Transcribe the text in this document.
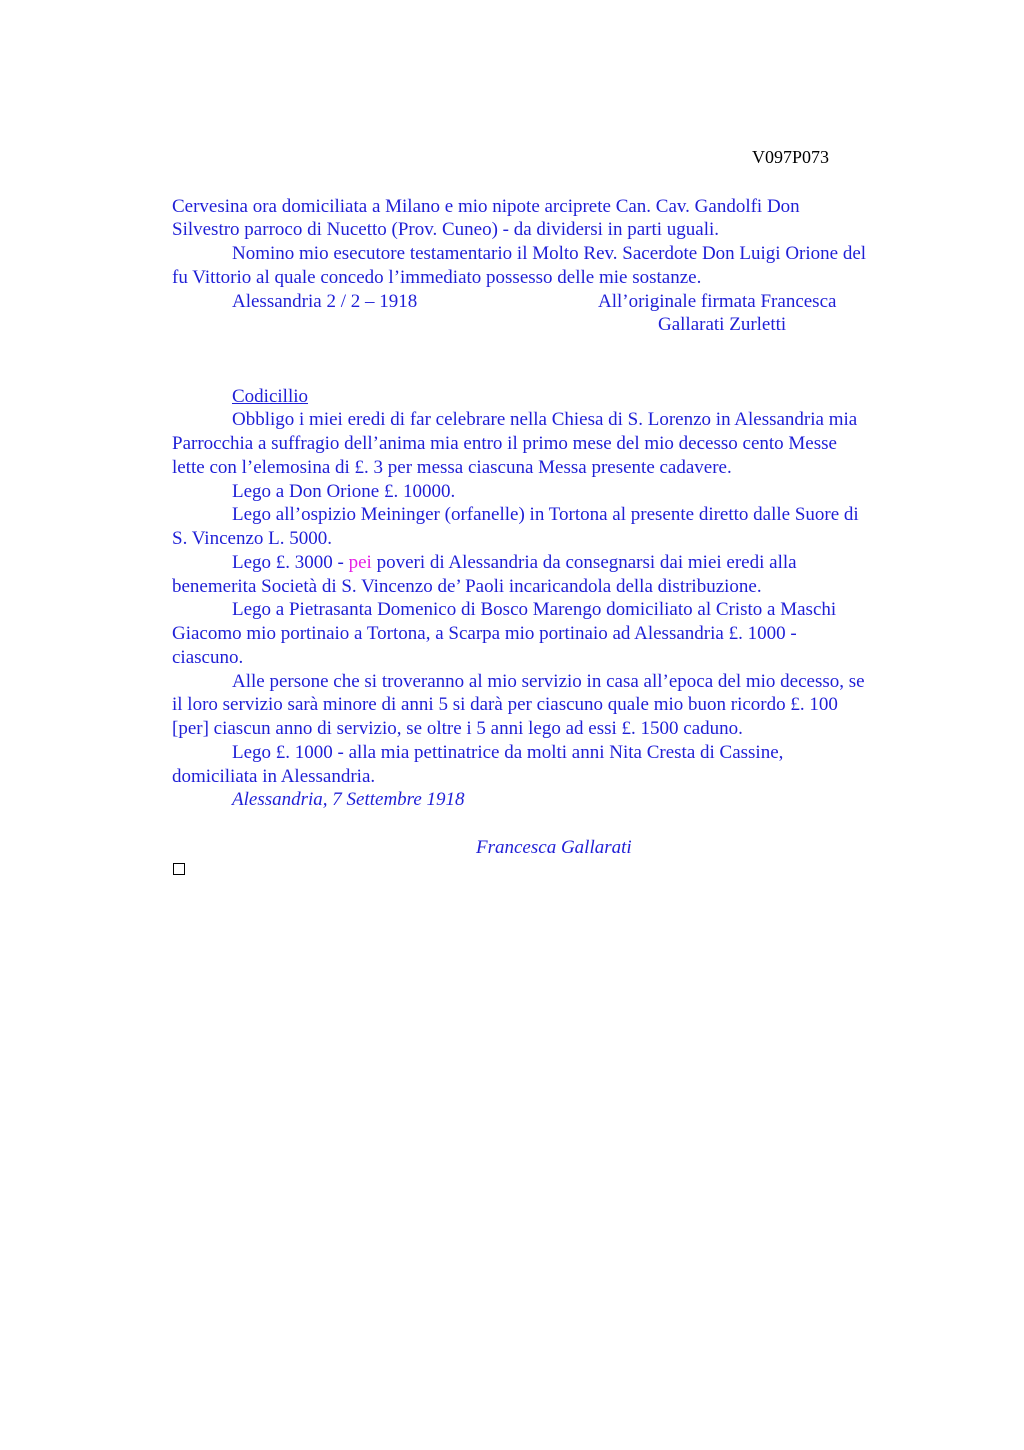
V097P073
Cervesina ora domiciliata a Milano e mio nipote arciprete Can. Cav. Gandolfi Don
Silvestro parroco di Nucetto (Prov. Cuneo) - da dividersi in parti uguali.
Nomino mio esecutore testamentario il Molto Rev. Sacerdote Don Luigi Orione del
fu Vittorio al quale concedo l’immediato possesso delle mie sostanze.
Alessandria 2 / 2 – 1918	All’originale firmata Francesca
Gallarati Zurletti
Codicillio
Obbligo i miei eredi di far celebrare nella Chiesa di S. Lorenzo in Alessandria mia
Parrocchia a suffragio dell’anima mia entro il primo mese del mio decesso cento Messe
lette con l’elemosina di £. 3 per messa ciascuna Messa presente cadavere.
Lego a Don Orione £. 10000.
Lego all’ospizio Meininger (orfanelle) in Tortona al presente diretto dalle Suore di
S. Vincenzo L. 5000.
Lego £. 3000 - pei poveri di Alessandria da consegnarsi dai miei eredi alla
benemerita Società di S. Vincenzo de’ Paoli incaricandola della distribuzione.
Lego a Pietrasanta Domenico di Bosco Marengo domiciliato al Cristo a Maschi
Giacomo mio portinaio a Tortona, a Scarpa mio portinaio ad Alessandria £. 1000 -
ciascuno.
Alle persone che si troveranno al mio servizio in casa all’epoca del mio decesso, se
il loro servizio sarà minore di anni 5 si darà per ciascuno quale mio buon ricordo £. 100
[per] ciascun anno di servizio, se oltre i 5 anni lego ad essi £. 1500 caduno.
Lego £. 1000 - alla mia pettinatrice da molti anni Nita Cresta di Cassine,
domiciliata in Alessandria.
Alessandria, 7 Settembre 1918
Francesca Gallarati
